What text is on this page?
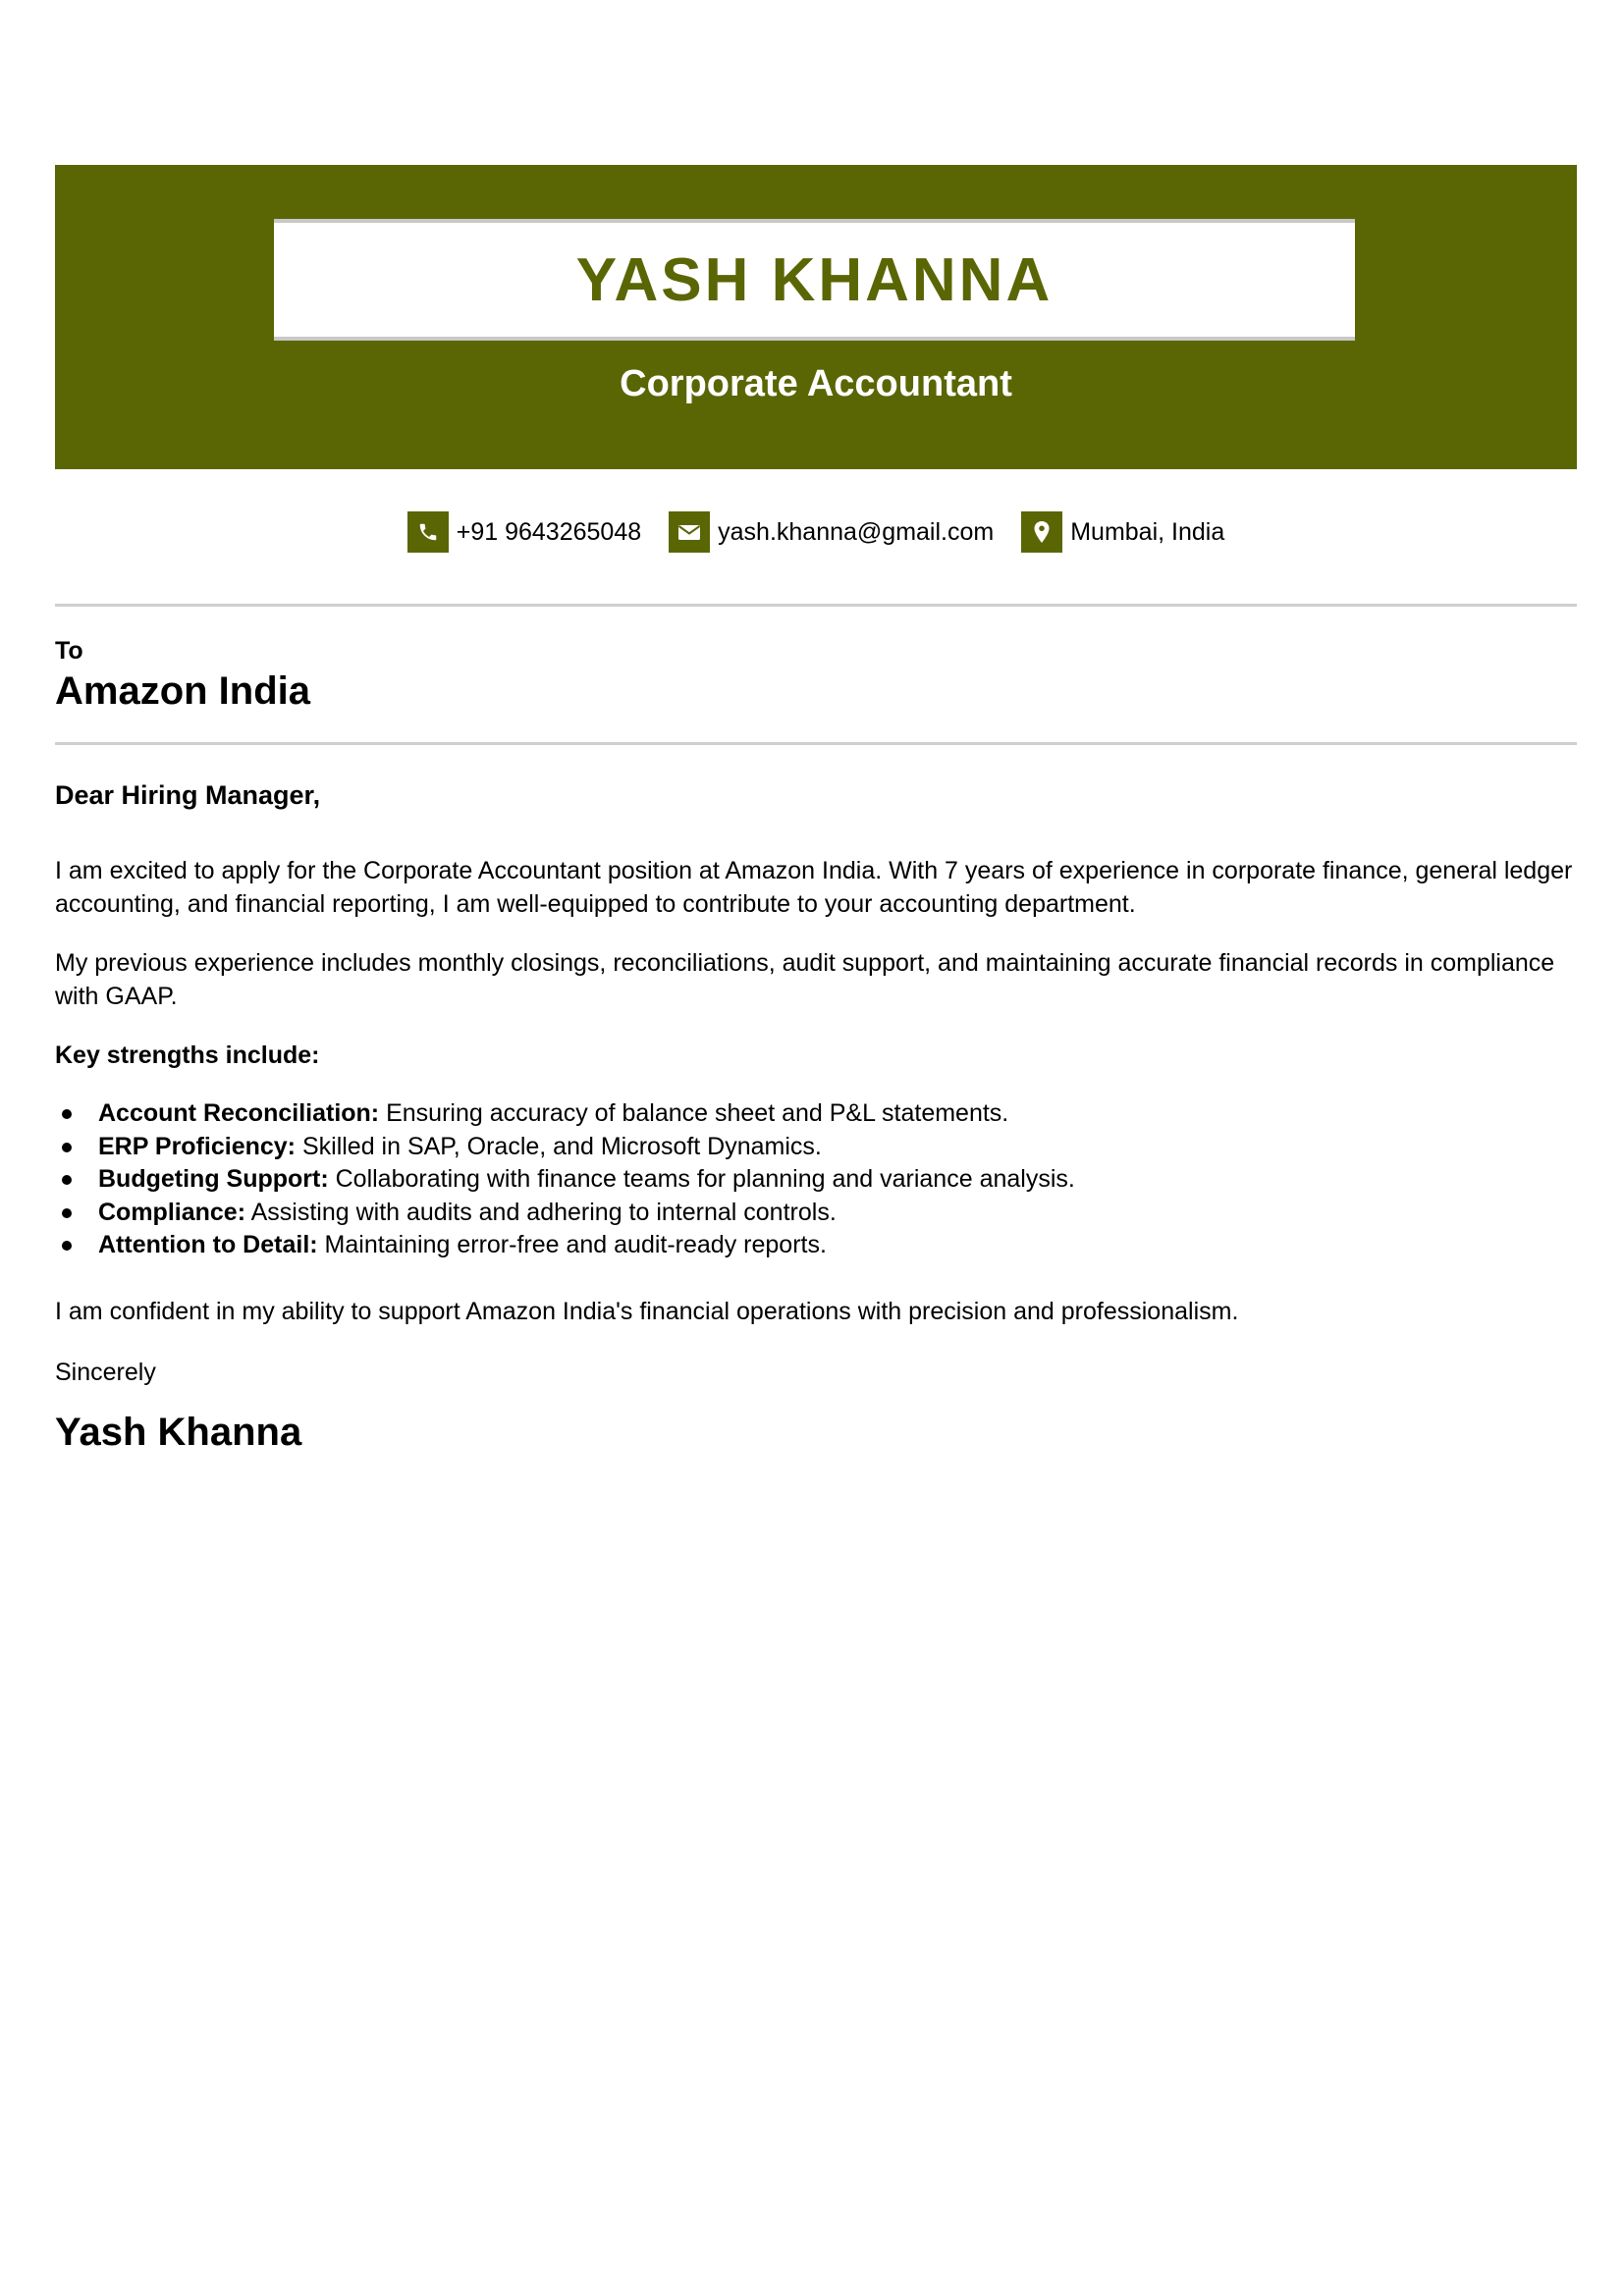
YASH KHANNA
Corporate Accountant
+91 9643265048	yash.khanna@gmail.com	Mumbai, India
To
Amazon India
Dear Hiring Manager,

I am excited to apply for the Corporate Accountant position at Amazon India. With 7 years of experience in corporate finance, general ledger accounting, and financial reporting, I am well-equipped to contribute to your accounting department.

My previous experience includes monthly closings, reconciliations, audit support, and maintaining accurate financial records in compliance with GAAP.

Key strengths include:
Account Reconciliation: Ensuring accuracy of balance sheet and P&L statements.
ERP Proficiency: Skilled in SAP, Oracle, and Microsoft Dynamics.
Budgeting Support: Collaborating with finance teams for planning and variance analysis.
Compliance: Assisting with audits and adhering to internal controls.
Attention to Detail: Maintaining error-free and audit-ready reports.

I am confident in my ability to support Amazon India's financial operations with precision and professionalism.

Sincerely
Yash Khanna
